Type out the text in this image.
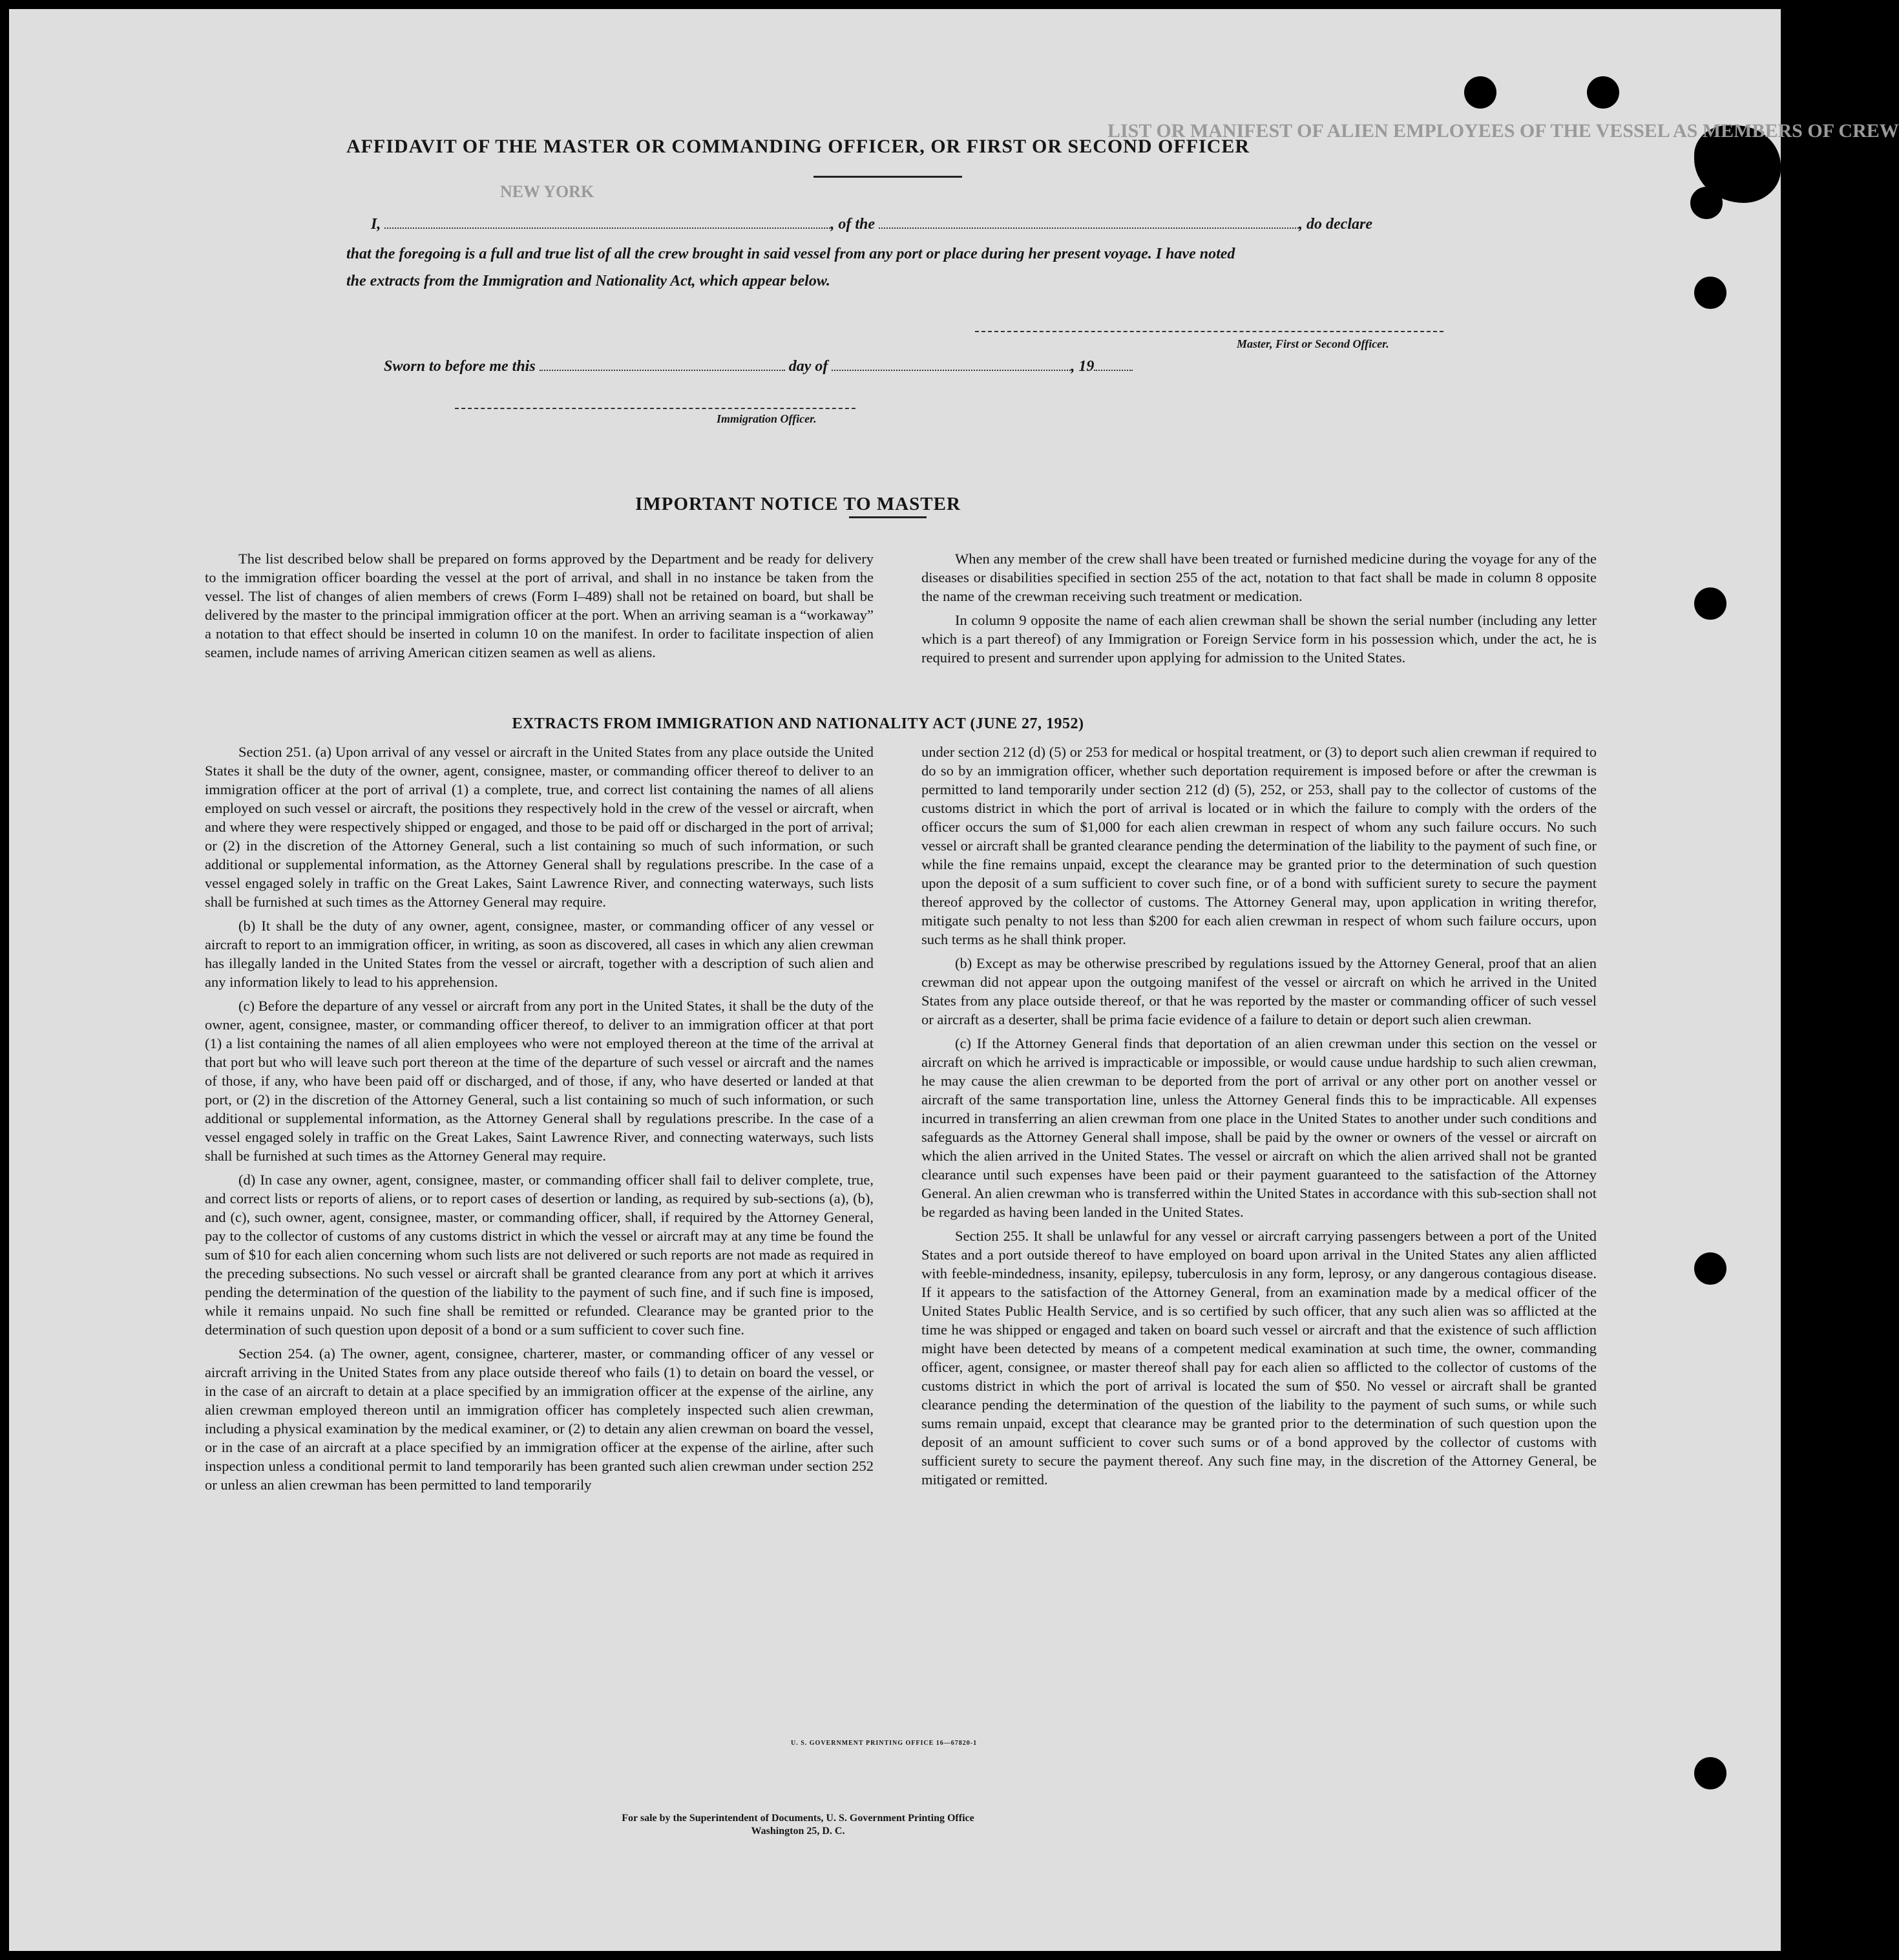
LIST OR MANIFEST OF ALIEN EMPLOYEES OF THE VESSEL AS MEMBERS OF CREW
NEW YORK
AFFIDAVIT OF THE MASTER OR COMMANDING OFFICER, OR FIRST OR SECOND OFFICER
I,	, of the	, do declare
that the foregoing is a full and true list of all the crew brought in said vessel from any port or place during her present voyage. I have noted
the extracts from the Immigration and Nationality Act, which appear below.
Master, First or Second Officer.
Sworn to before me this	day of	, 19
Immigration Officer.
IMPORTANT NOTICE TO MASTER

The list described below shall be prepared on forms approved by the Department and be ready for delivery to the immigration officer boarding the vessel at the port of arrival, and shall in no instance be taken from the vessel. The list of changes of alien members of crews (Form I–489) shall not be retained on board, but shall be delivered by the master to the principal immigration officer at the port. When an arriving seaman is a “workaway” a notation to that effect should be inserted in column 10 on the manifest. In order to facilitate inspection of alien seamen, include names of arriving American citizen seamen as well as aliens.

When any member of the crew shall have been treated or furnished medicine during the voyage for any of the diseases or disabilities specified in section 255 of the act, notation to that fact shall be made in column 8 opposite the name of the crewman receiving such treatment or medication.

In column 9 opposite the name of each alien crewman shall be shown the serial number (including any letter which is a part thereof) of any Immigration or Foreign Service form in his possession which, under the act, he is required to present and surrender upon applying for admission to the United States.

EXTRACTS FROM IMMIGRATION AND NATIONALITY ACT (JUNE 27, 1952)

Section 251. (a) Upon arrival of any vessel or aircraft in the United States from any place outside the United States it shall be the duty of the owner, agent, consignee, master, or commanding officer thereof to deliver to an immigration officer at the port of arrival (1) a complete, true, and correct list containing the names of all aliens employed on such vessel or aircraft, the positions they respectively hold in the crew of the vessel or aircraft, when and where they were respectively shipped or engaged, and those to be paid off or discharged in the port of arrival; or (2) in the discretion of the Attorney General, such a list containing so much of such information, or such additional or supplemental information, as the Attorney General shall by regulations prescribe. In the case of a vessel engaged solely in traffic on the Great Lakes, Saint Lawrence River, and connecting waterways, such lists shall be furnished at such times as the Attorney General may require.

(b) It shall be the duty of any owner, agent, consignee, master, or commanding officer of any vessel or aircraft to report to an immigration officer, in writing, as soon as discovered, all cases in which any alien crewman has illegally landed in the United States from the vessel or aircraft, together with a description of such alien and any information likely to lead to his apprehension.

(c) Before the departure of any vessel or aircraft from any port in the United States, it shall be the duty of the owner, agent, consignee, master, or commanding officer thereof, to deliver to an immigration officer at that port (1) a list containing the names of all alien employees who were not employed thereon at the time of the arrival at that port but who will leave such port thereon at the time of the departure of such vessel or aircraft and the names of those, if any, who have been paid off or discharged, and of those, if any, who have deserted or landed at that port, or (2) in the discretion of the Attorney General, such a list containing so much of such information, or such additional or supplemental information, as the Attorney General shall by regulations prescribe. In the case of a vessel engaged solely in traffic on the Great Lakes, Saint Lawrence River, and connecting waterways, such lists shall be furnished at such times as the Attorney General may require.

(d) In case any owner, agent, consignee, master, or commanding officer shall fail to deliver complete, true, and correct lists or reports of aliens, or to report cases of desertion or landing, as required by sub-sections (a), (b), and (c), such owner, agent, consignee, master, or commanding officer, shall, if required by the Attorney General, pay to the collector of customs of any customs district in which the vessel or aircraft may at any time be found the sum of $10 for each alien concerning whom such lists are not delivered or such reports are not made as required in the preceding subsections. No such vessel or aircraft shall be granted clearance from any port at which it arrives pending the determination of the question of the liability to the payment of such fine, and if such fine is imposed, while it remains unpaid. No such fine shall be remitted or refunded. Clearance may be granted prior to the determination of such question upon deposit of a bond or a sum sufficient to cover such fine.

Section 254. (a) The owner, agent, consignee, charterer, master, or commanding officer of any vessel or aircraft arriving in the United States from any place outside thereof who fails (1) to detain on board the vessel, or in the case of an aircraft to detain at a place specified by an immigration officer at the expense of the airline, any alien crewman employed thereon until an immigration officer has completely inspected such alien crewman, including a physical examination by the medical examiner, or (2) to detain any alien crewman on board the vessel, or in the case of an aircraft at a place specified by an immigration officer at the expense of the airline, after such inspection unless a conditional permit to land temporarily has been granted such alien crewman under section 252 or unless an alien crewman has been permitted to land temporarily

under section 212 (d) (5) or 253 for medical or hospital treatment, or (3) to deport such alien crewman if required to do so by an immigration officer, whether such deportation requirement is imposed before or after the crewman is permitted to land temporarily under section 212 (d) (5), 252, or 253, shall pay to the collector of customs of the customs district in which the port of arrival is located or in which the failure to comply with the orders of the officer occurs the sum of $1,000 for each alien crewman in respect of whom any such failure occurs. No such vessel or aircraft shall be granted clearance pending the determination of the liability to the payment of such fine, or while the fine remains unpaid, except the clearance may be granted prior to the determination of such question upon the deposit of a sum sufficient to cover such fine, or of a bond with sufficient surety to secure the payment thereof approved by the collector of customs. The Attorney General may, upon application in writing therefor, mitigate such penalty to not less than $200 for each alien crewman in respect of whom such failure occurs, upon such terms as he shall think proper.

(b) Except as may be otherwise prescribed by regulations issued by the Attorney General, proof that an alien crewman did not appear upon the outgoing manifest of the vessel or aircraft on which he arrived in the United States from any place outside thereof, or that he was reported by the master or commanding officer of such vessel or aircraft as a deserter, shall be prima facie evidence of a failure to detain or deport such alien crewman.

(c) If the Attorney General finds that deportation of an alien crewman under this section on the vessel or aircraft on which he arrived is impracticable or impossible, or would cause undue hardship to such alien crewman, he may cause the alien crewman to be deported from the port of arrival or any other port on another vessel or aircraft of the same transportation line, unless the Attorney General finds this to be impracticable. All expenses incurred in transferring an alien crewman from one place in the United States to another under such conditions and safeguards as the Attorney General shall impose, shall be paid by the owner or owners of the vessel or aircraft on which the alien arrived in the United States. The vessel or aircraft on which the alien arrived shall not be granted clearance until such expenses have been paid or their payment guaranteed to the satisfaction of the Attorney General. An alien crewman who is transferred within the United States in accordance with this sub-section shall not be regarded as having been landed in the United States.

Section 255. It shall be unlawful for any vessel or aircraft carrying passengers between a port of the United States and a port outside thereof to have employed on board upon arrival in the United States any alien afflicted with feeble-mindedness, insanity, epilepsy, tuberculosis in any form, leprosy, or any dangerous contagious disease. If it appears to the satisfaction of the Attorney General, from an examination made by a medical officer of the United States Public Health Service, and is so certified by such officer, that any such alien was so afflicted at the time he was shipped or engaged and taken on board such vessel or aircraft and that the existence of such affliction might have been detected by means of a competent medical examination at such time, the owner, commanding officer, agent, consignee, or master thereof shall pay for each alien so afflicted to the collector of customs of the customs district in which the port of arrival is located the sum of $50. No vessel or aircraft shall be granted clearance pending the determination of the question of the liability to the payment of such sums, or while such sums remain unpaid, except that clearance may be granted prior to the determination of such question upon the deposit of an amount sufficient to cover such sums or of a bond approved by the collector of customs with sufficient surety to secure the payment thereof. Any such fine may, in the discretion of the Attorney General, be mitigated or remitted.

U. S. GOVERNMENT PRINTING OFFICE 16—67820-1
For sale by the Superintendent of Documents, U. S. Government Printing Office
Washington 25, D. C.
